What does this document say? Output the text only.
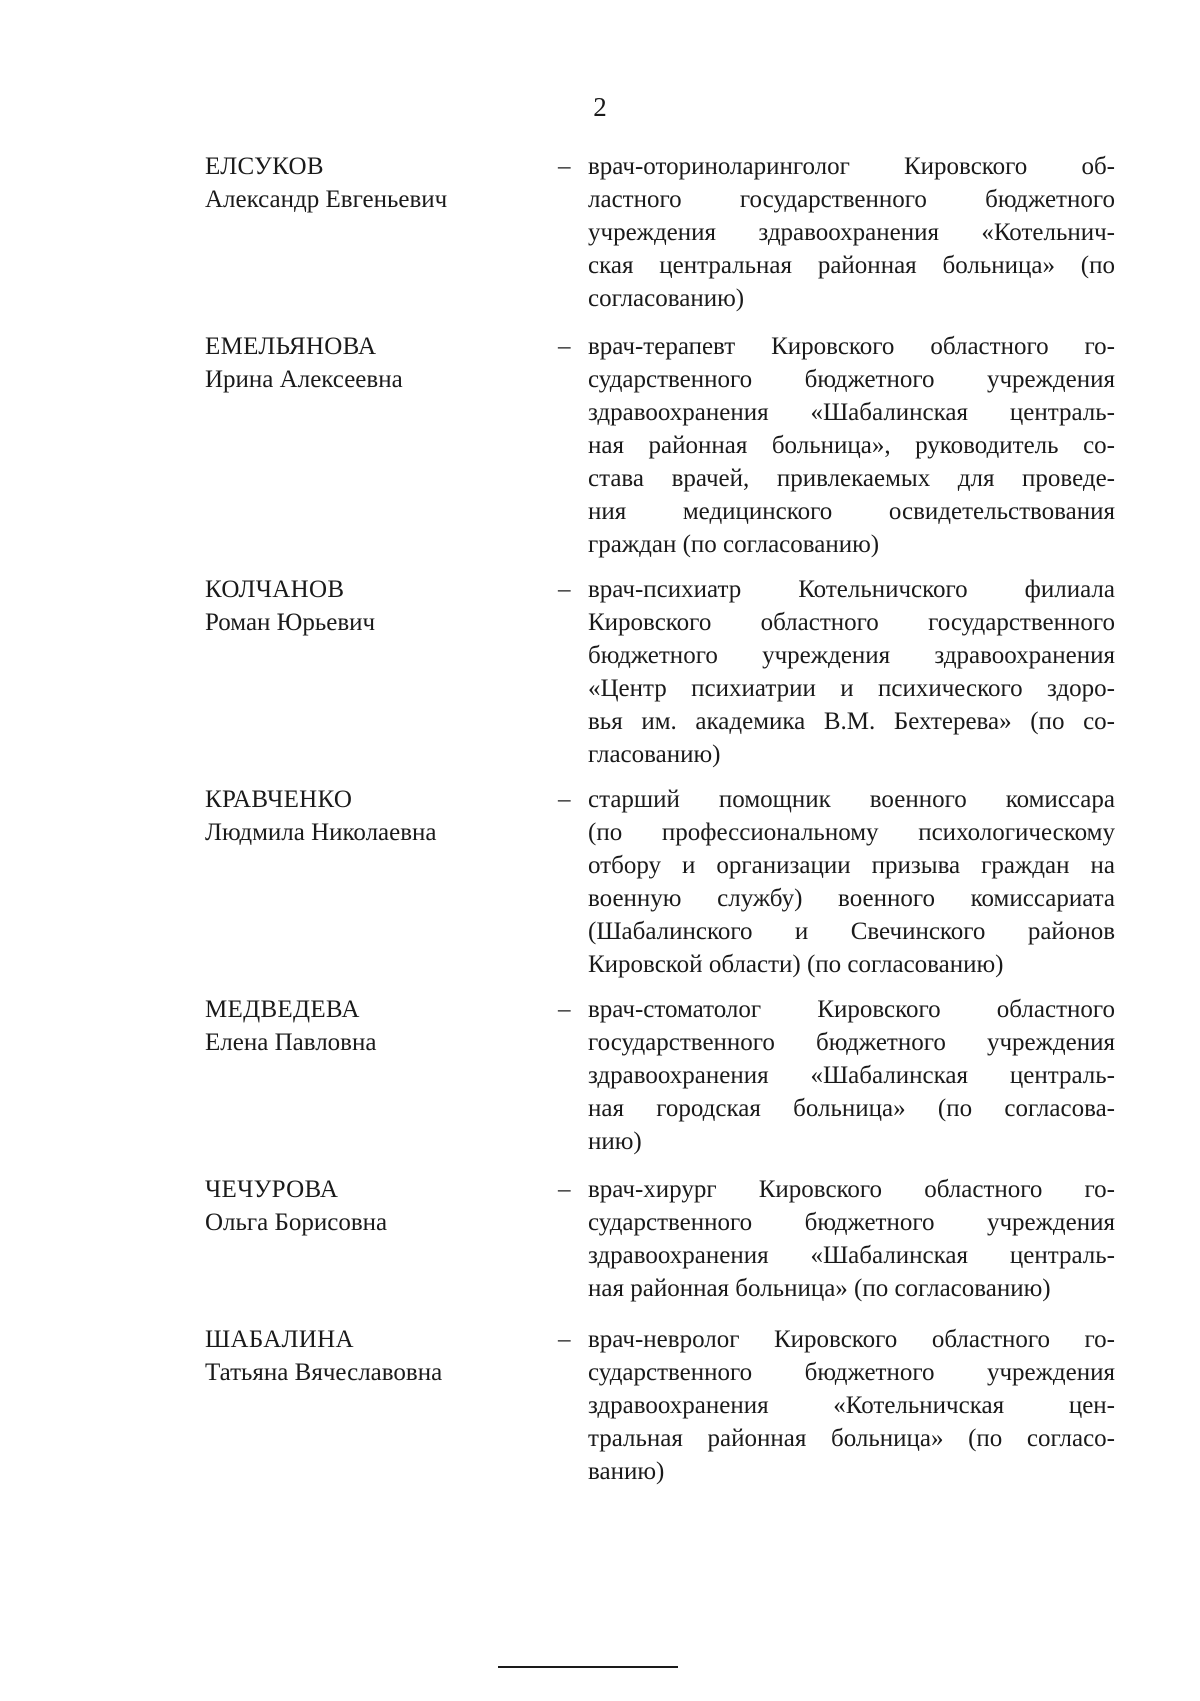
2
ЕЛСУКОВ
Александр Евгеньевич
– врач-оториноларинголог Кировского об-
ластного государственного бюджетного
учреждения здравоохранения «Котельнич-
ская центральная районная больница» (по
согласованию)
ЕМЕЛЬЯНОВА
Ирина Алексеевна
– врач-терапевт Кировского областного го-
сударственного бюджетного учреждения
здравоохранения «Шабалинская централь-
ная районная больница», руководитель со-
става врачей, привлекаемых для проведе-
ния медицинского освидетельствования
граждан (по согласованию)
КОЛЧАНОВ
Роман Юрьевич
– врач-психиатр Котельничского филиала
Кировского областного государственного
бюджетного учреждения здравоохранения
«Центр психиатрии и психического здоро-
вья им. академика В.М. Бехтерева» (по со-
гласованию)
КРАВЧЕНКО
Людмила Николаевна
– старший помощник военного комиссара
(по профессиональному психологическому
отбору и организации призыва граждан на
военную службу) военного комиссариата
(Шабалинского и Свечинского районов
Кировской области) (по согласованию)
МЕДВЕДЕВА
Елена Павловна
– врач-стоматолог Кировского областного
государственного бюджетного учреждения
здравоохранения «Шабалинская централь-
ная городская больница» (по согласова-
нию)
ЧЕЧУРОВА
Ольга Борисовна
– врач-хирург Кировского областного го-
сударственного бюджетного учреждения
здравоохранения «Шабалинская централь-
ная районная больница» (по согласованию)
ШАБАЛИНА
Татьяна Вячеславовна
– врач-невролог Кировского областного го-
сударственного бюджетного учреждения
здравоохранения «Котельничская цен-
тральная районная больница» (по согласо-
ванию)
